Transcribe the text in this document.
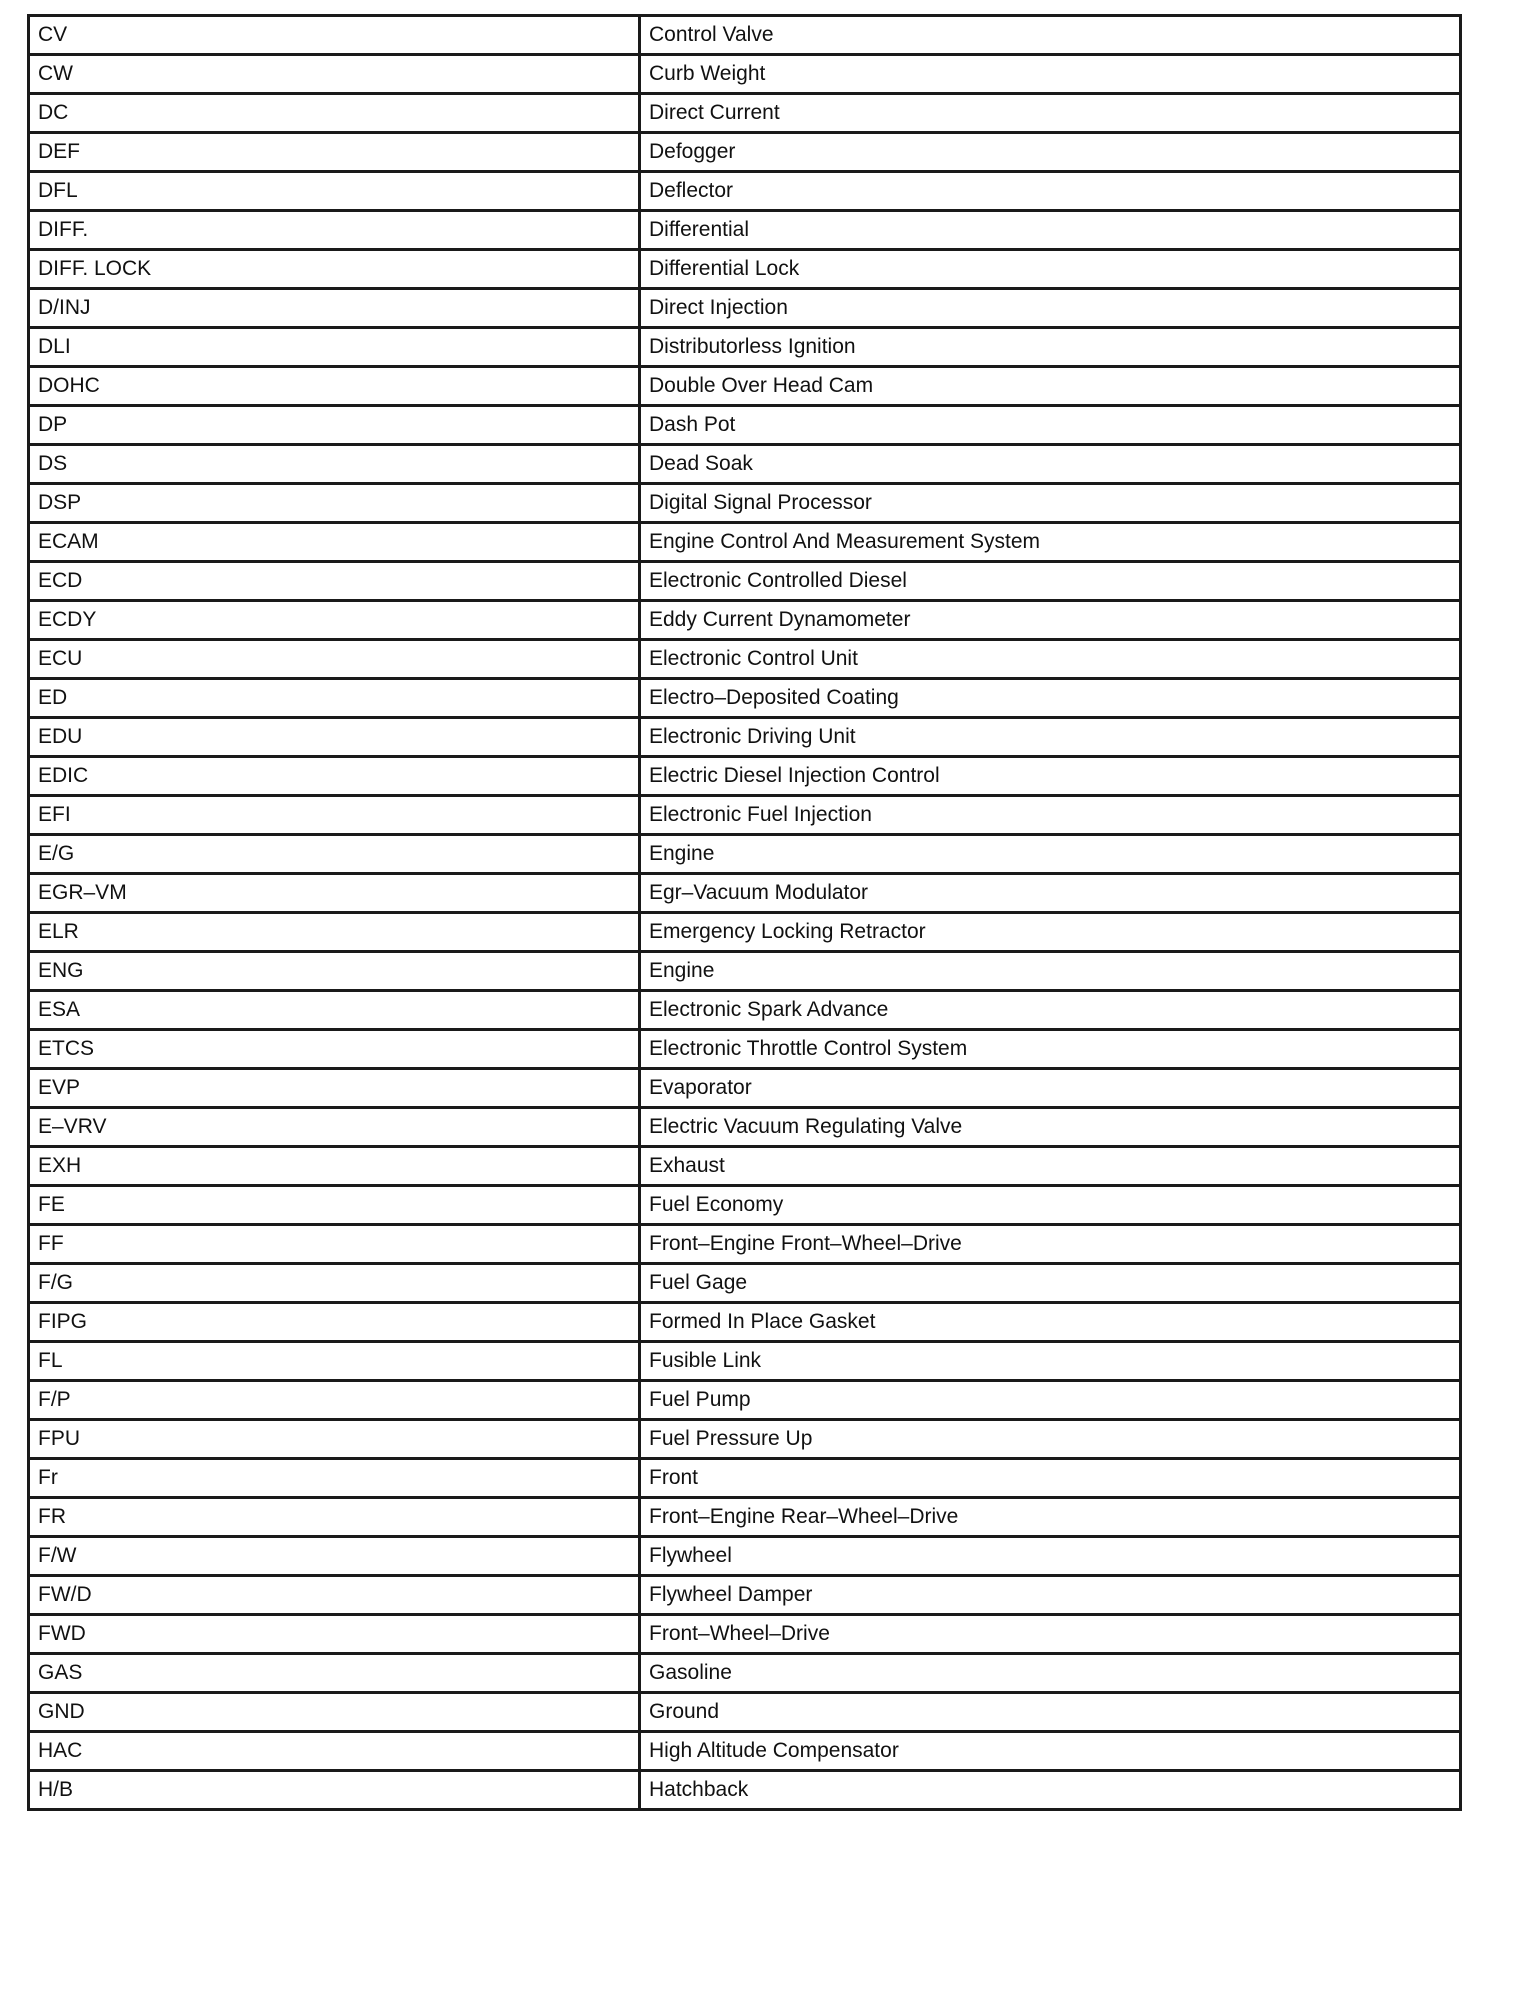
CV	Control Valve
CW	Curb Weight
DC	Direct Current
DEF	Defogger
DFL	Deflector
DIFF.	Differential
DIFF. LOCK	Differential Lock
D/INJ	Direct Injection
DLI	Distributorless Ignition
DOHC	Double Over Head Cam
DP	Dash Pot
DS	Dead Soak
DSP	Digital Signal Processor
ECAM	Engine Control And Measurement System
ECD	Electronic Controlled Diesel
ECDY	Eddy Current Dynamometer
ECU	Electronic Control Unit
ED	Electro–Deposited Coating
EDU	Electronic Driving Unit
EDIC	Electric Diesel Injection Control
EFI	Electronic Fuel Injection
E/G	Engine
EGR–VM	Egr–Vacuum Modulator
ELR	Emergency Locking Retractor
ENG	Engine
ESA	Electronic Spark Advance
ETCS	Electronic Throttle Control System
EVP	Evaporator
E–VRV	Electric Vacuum Regulating Valve
EXH	Exhaust
FE	Fuel Economy
FF	Front–Engine Front–Wheel–Drive
F/G	Fuel Gage
FIPG	Formed In Place Gasket
FL	Fusible Link
F/P	Fuel Pump
FPU	Fuel Pressure Up
Fr	Front
FR	Front–Engine Rear–Wheel–Drive
F/W	Flywheel
FW/D	Flywheel Damper
FWD	Front–Wheel–Drive
GAS	Gasoline
GND	Ground
HAC	High Altitude Compensator
H/B	Hatchback
